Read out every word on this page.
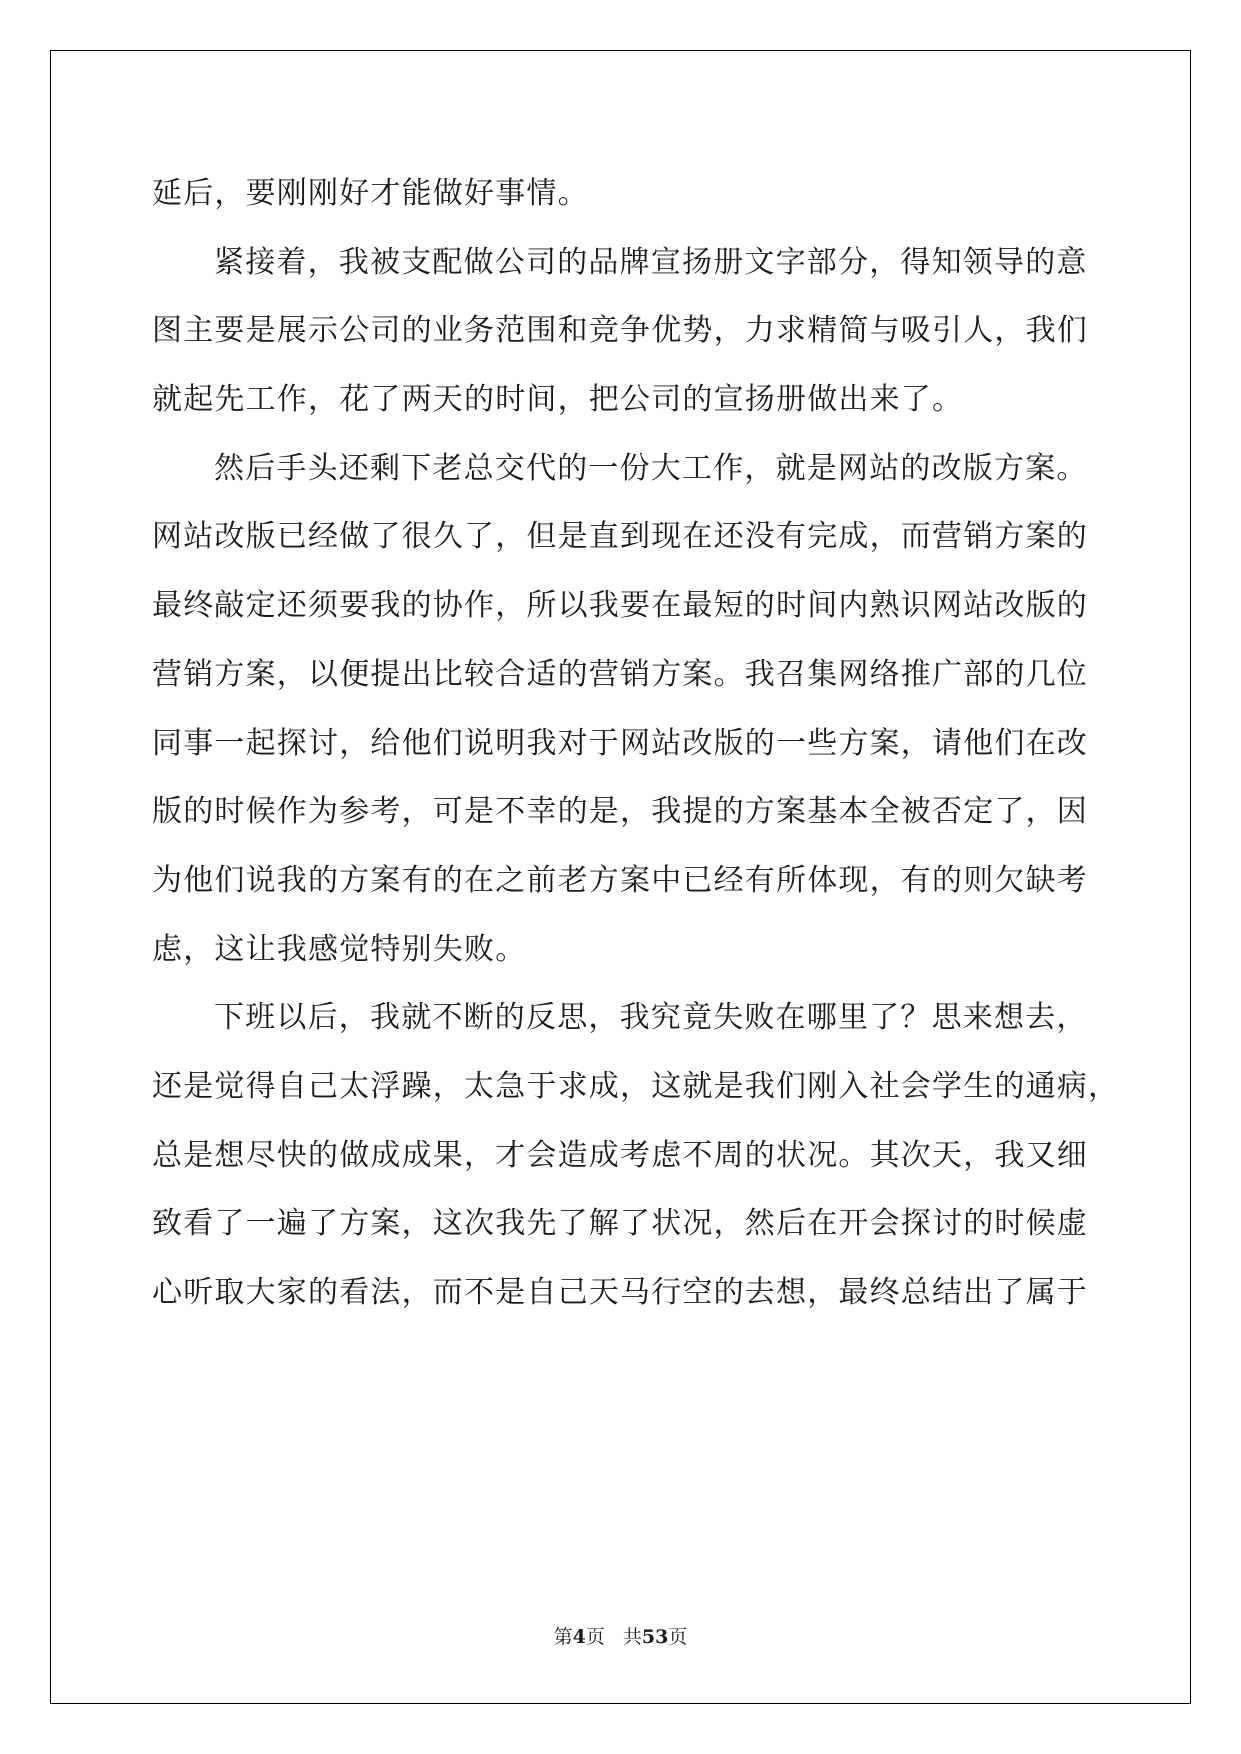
延后，要刚刚好才能做好事情。
紧接着，我被支配做公司的品牌宣扬册文字部分，得知领导的意
图主要是展示公司的业务范围和竞争优势，力求精简与吸引人，我们
就起先工作，花了两天的时间，把公司的宣扬册做出来了。
然后手头还剩下老总交代的一份大工作，就是网站的改版方案。
网站改版已经做了很久了，但是直到现在还没有完成，而营销方案的
最终敲定还须要我的协作，所以我要在最短的时间内熟识网站改版的
营销方案，以便提出比较合适的营销方案。我召集网络推广部的几位
同事一起探讨，给他们说明我对于网站改版的一些方案，请他们在改
版的时候作为参考，可是不幸的是，我提的方案基本全被否定了，因
为他们说我的方案有的在之前老方案中已经有所体现，有的则欠缺考
虑，这让我感觉特别失败。
下班以后，我就不断的反思，我究竟失败在哪里了？思来想去，
还是觉得自己太浮躁，太急于求成，这就是我们刚入社会学生的通病，
总是想尽快的做成成果，才会造成考虑不周的状况。其次天，我又细
致看了一遍了方案，这次我先了解了状况，然后在开会探讨的时候虚
心听取大家的看法，而不是自己天马行空的去想，最终总结出了属于
第4页 共53页
